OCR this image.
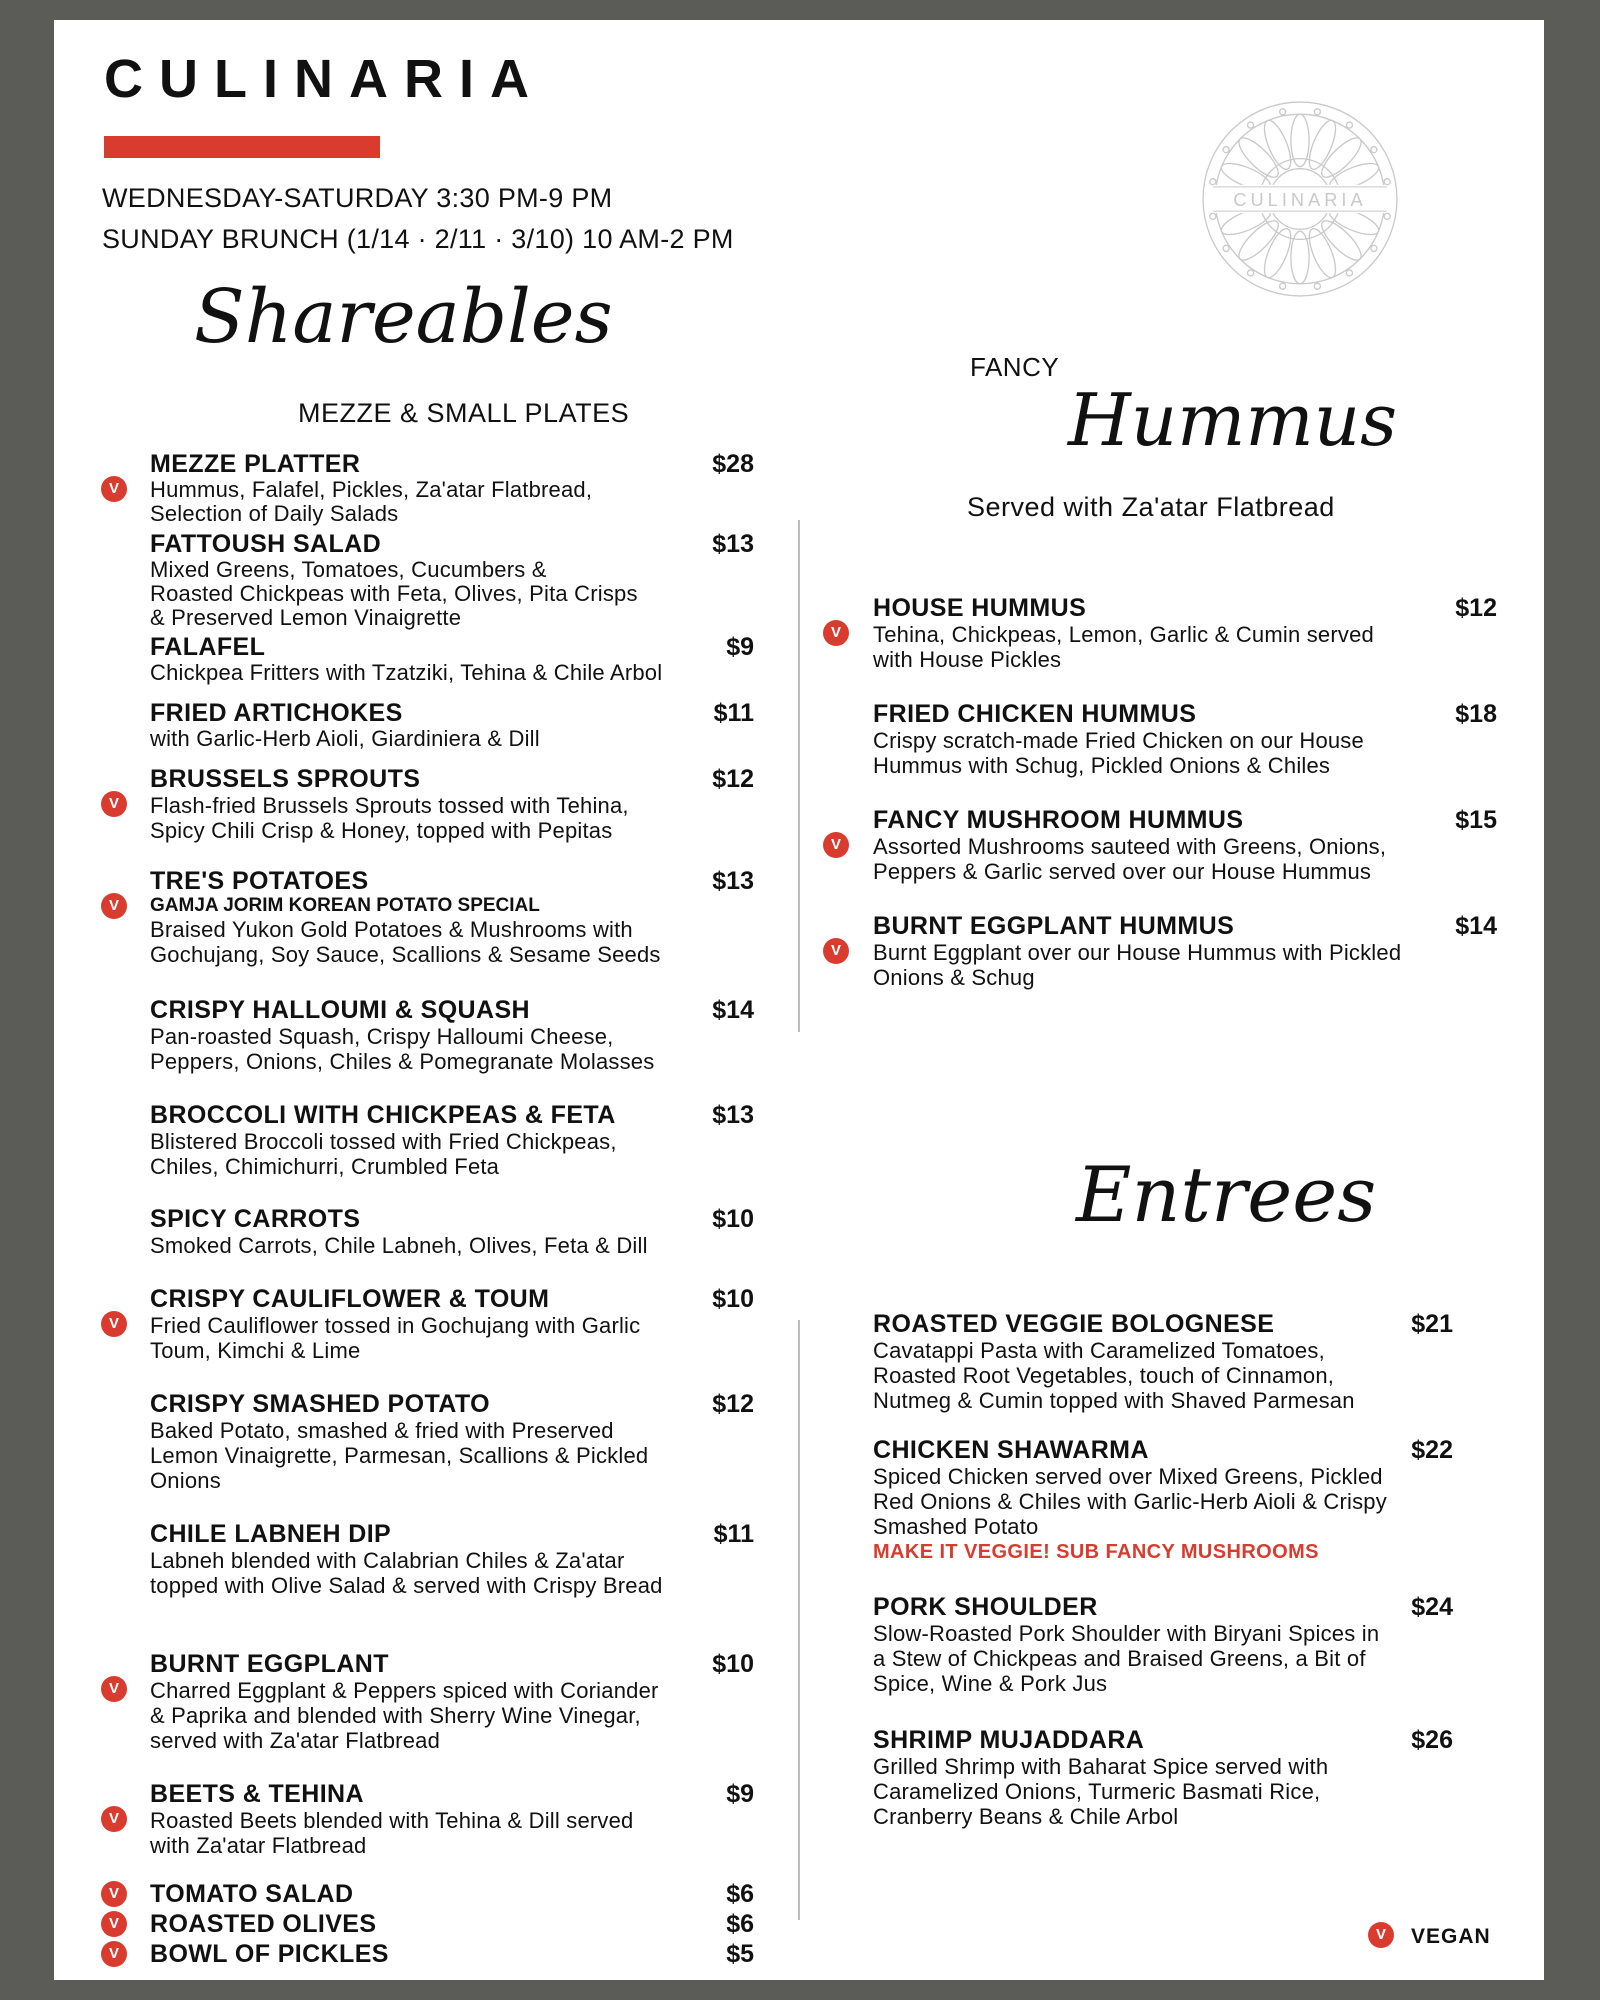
CULINARIA
WEDNESDAY-SATURDAY 3:30 PM-9 PM
SUNDAY BRUNCH (1/14 · 2/11 · 3/10) 10 AM-2 PM
CULINARIA
Shareables
MEZZE & SMALL PLATES
FANCY
Hummus
Served with Za'atar Flatbread
Entrees
MEZZE PLATTER	$28
Hummus, Falafel, Pickles, Za'atar Flatbread,
Selection of Daily Salads
V
FATTOUSH SALAD	$13
Mixed Greens, Tomatoes, Cucumbers &
Roasted Chickpeas with Feta, Olives, Pita Crisps
& Preserved Lemon Vinaigrette
FALAFEL	$9
Chickpea Fritters with Tzatziki, Tehina & Chile Arbol
FRIED ARTICHOKES	$11
with Garlic-Herb Aioli, Giardiniera & Dill
BRUSSELS SPROUTS	$12
Flash-fried Brussels Sprouts tossed with Tehina,
Spicy Chili Crisp & Honey, topped with Pepitas
V
TRE'S POTATOES	$13
GAMJA JORIM KOREAN POTATO SPECIAL
Braised Yukon Gold Potatoes & Mushrooms with
Gochujang, Soy Sauce, Scallions & Sesame Seeds
V
CRISPY HALLOUMI & SQUASH	$14
Pan-roasted Squash, Crispy Halloumi Cheese,
Peppers, Onions, Chiles & Pomegranate Molasses
BROCCOLI WITH CHICKPEAS & FETA	$13
Blistered Broccoli tossed with Fried Chickpeas,
Chiles, Chimichurri, Crumbled Feta
SPICY CARROTS	$10
Smoked Carrots, Chile Labneh, Olives, Feta & Dill
CRISPY CAULIFLOWER & TOUM	$10
Fried Cauliflower tossed in Gochujang with Garlic
Toum, Kimchi & Lime
V
CRISPY SMASHED POTATO	$12
Baked Potato, smashed & fried with Preserved
Lemon Vinaigrette, Parmesan, Scallions & Pickled
Onions
CHILE LABNEH DIP	$11
Labneh blended with Calabrian Chiles & Za'atar
topped with Olive Salad & served with Crispy Bread
BURNT EGGPLANT	$10
Charred Eggplant & Peppers spiced with Coriander
& Paprika and blended with Sherry Wine Vinegar,
served with Za'atar Flatbread
V
BEETS & TEHINA	$9
Roasted Beets blended with Tehina & Dill served
with Za'atar Flatbread
V
TOMATO SALAD	$6
V
ROASTED OLIVES	$6
V
BOWL OF PICKLES	$5
V
HOUSE HUMMUS	$12
Tehina, Chickpeas, Lemon, Garlic & Cumin served
with House Pickles
V
FRIED CHICKEN HUMMUS	$18
Crispy scratch-made Fried Chicken on our House
Hummus with Schug, Pickled Onions & Chiles
FANCY MUSHROOM HUMMUS	$15
Assorted Mushrooms sauteed with Greens, Onions,
Peppers & Garlic served over our House Hummus
V
BURNT EGGPLANT HUMMUS	$14
Burnt Eggplant over our House Hummus with Pickled
Onions & Schug
V
ROASTED VEGGIE BOLOGNESE	$21
Cavatappi Pasta with Caramelized Tomatoes,
Roasted Root Vegetables, touch of Cinnamon,
Nutmeg & Cumin topped with Shaved Parmesan
CHICKEN SHAWARMA	$22
Spiced Chicken served over Mixed Greens, Pickled
Red Onions & Chiles with Garlic-Herb Aioli & Crispy
Smashed Potato
MAKE IT VEGGIE! SUB FANCY MUSHROOMS
PORK SHOULDER	$24
Slow-Roasted Pork Shoulder with Biryani Spices in
a Stew of Chickpeas and Braised Greens, a Bit of
Spice, Wine & Pork Jus
SHRIMP MUJADDARA	$26
Grilled Shrimp with Baharat Spice served with
Caramelized Onions, Turmeric Basmati Rice,
Cranberry Beans & Chile Arbol
V	VEGAN
